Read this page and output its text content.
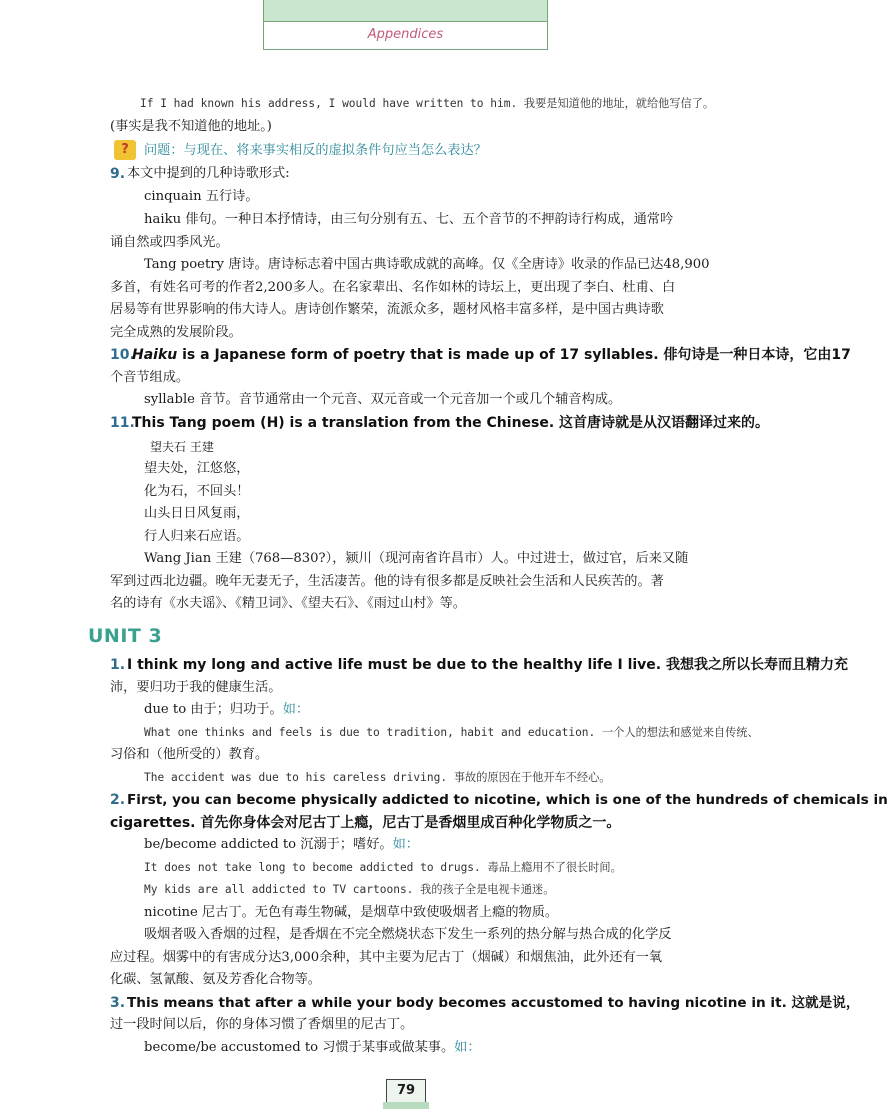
Appendices
If I had known his address, I would have written to him. 我要是知道他的地址，就给他写信了。
(事实是我不知道他的地址。)
?	问题：与现在、将来事实相反的虚拟条件句应当怎么表达？
9. 本文中提到的几种诗歌形式:
cinquain 五行诗。
haiku 俳句。一种日本抒情诗，由三句分别有五、七、五个音节的不押韵诗行构成，通常吟
诵自然或四季风光。
Tang poetry 唐诗。唐诗标志着中国古典诗歌成就的高峰。仅《全唐诗》收录的作品已达48,900
多首，有姓名可考的作者2,200多人。在名家辈出、名作如林的诗坛上，更出现了李白、杜甫、白
居易等有世界影响的伟大诗人。唐诗创作繁荣，流派众多，题材风格丰富多样，是中国古典诗歌
完全成熟的发展阶段。
10.
Haiku is a Japanese form of poetry that is made up of 17 syllables. 俳句诗是一种日本诗，它由17
个音节组成。
syllable 音节。音节通常由一个元音、双元音或一个元音加一个或几个辅音构成。
11.
This Tang poem (H) is a translation from the Chinese. 这首唐诗就是从汉语翻译过来的。
望夫石 王建
望夫处，江悠悠，
化为石，不回头！
山头日日风复雨，
行人归来石应语。
Wang Jian 王建（768—830?），颍川（现河南省许昌市）人。中过进士，做过官，后来又随
军到过西北边疆。晚年无妻无子，生活凄苦。他的诗有很多都是反映社会生活和人民疾苦的。著
名的诗有《水夫谣》、《精卫词》、《望夫石》、《雨过山村》等。
UNIT 3
1. I think my long and active life must be due to the healthy life I live. 我想我之所以长寿而且精力充
沛，要归功于我的健康生活。
due to 由于；归功于。如：
What one thinks and feels is due to tradition, habit and education. 一个人的想法和感觉来自传统、
习俗和（他所受的）教育。
The accident was due to his careless driving. 事故的原因在于他开车不经心。
2. First, you can become physically addicted to nicotine, which is one of the hundreds of chemicals in
cigarettes. 首先你身体会对尼古丁上瘾，尼古丁是香烟里成百种化学物质之一。
be/become addicted to 沉溺于；嗜好。如：
It does not take long to become addicted to drugs. 毒品上瘾用不了很长时间。
My kids are all addicted to TV cartoons. 我的孩子全是电视卡通迷。
nicotine 尼古丁。无色有毒生物碱，是烟草中致使吸烟者上瘾的物质。
吸烟者吸入香烟的过程，是香烟在不完全燃烧状态下发生一系列的热分解与热合成的化学反
应过程。烟雾中的有害成分达3,000余种，其中主要为尼古丁（烟碱）和烟焦油，此外还有一氧
化碳、氢氰酸、氨及芳香化合物等。
3. This means that after a while your body becomes accustomed to having nicotine in it. 这就是说，
过一段时间以后，你的身体习惯了香烟里的尼古丁。
become/be accustomed to 习惯于某事或做某事。如：
79
